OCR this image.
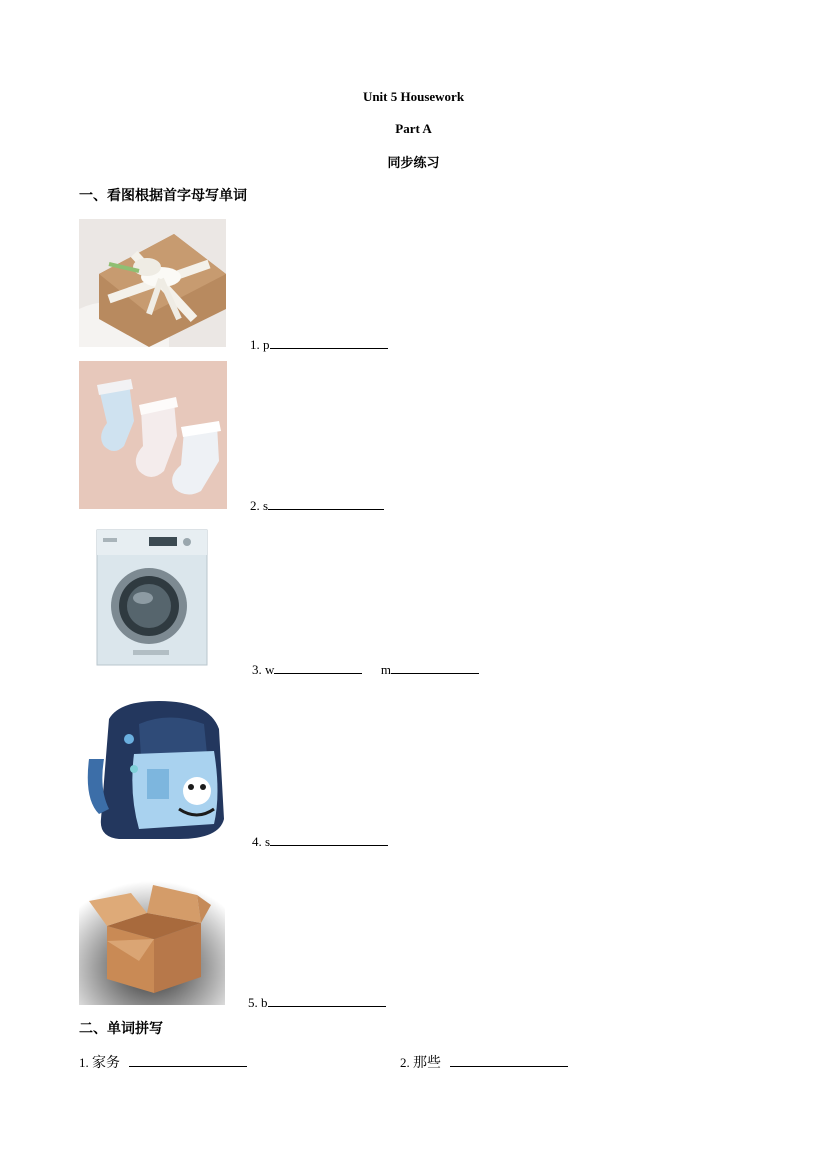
Unit 5 Housework
Part A
同步练习
一、看图根据首字母写单词
1. p
2. s
3. w	m
4. s
5. b
二、单词拼写
1. 家务	2. 那些
